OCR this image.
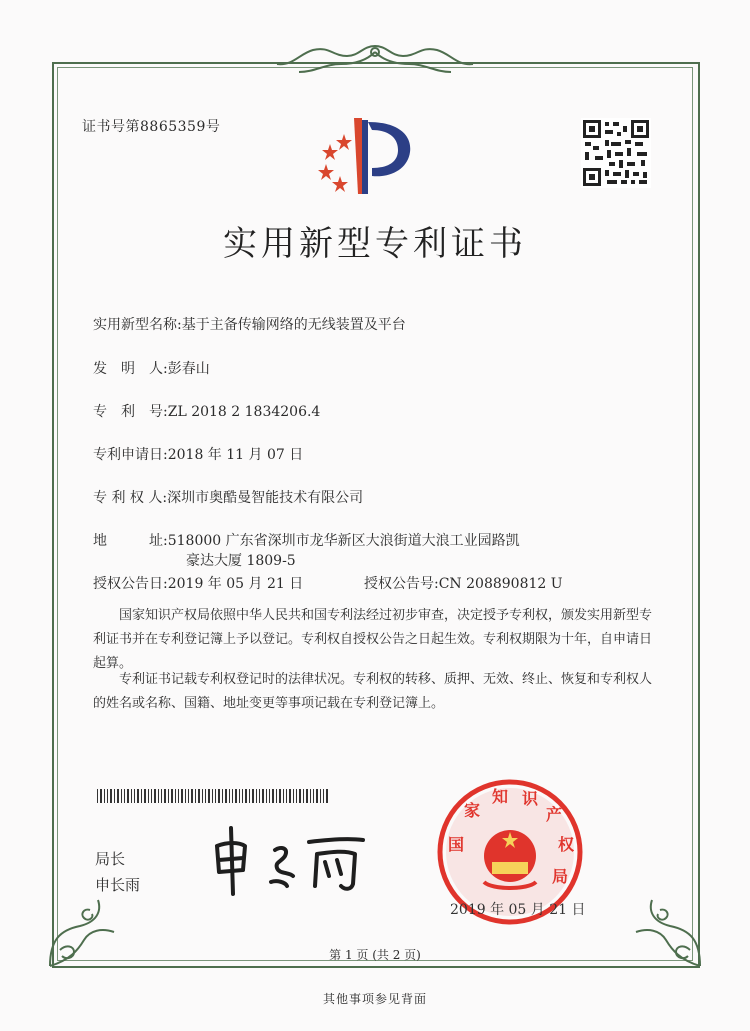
证书号第8865359号
实用新型专利证书
实用新型名称:基于主备传输网络的无线装置及平台
发　明　人:彭春山
专　利　号:ZL 2018 2 1834206.4
专利申请日:2018 年 11 月 07 日
专 利 权 人:深圳市奥酷曼智能技术有限公司
地　　　址:518000 广东省深圳市龙华新区大浪街道大浪工业园路凯
豪达大厦 1809-5
授权公告日:2019 年 05 月 21 日	授权公告号:CN 208890812 U
国家知识产权局依照中华人民共和国专利法经过初步审查，决定授予专利权，颁发实用新型专利证书并在专利登记簿上予以登记。专利权自授权公告之日起生效。专利权期限为十年，自申请日起算。
专利证书记载专利权登记时的法律状况。专利权的转移、质押、无效、终止、恢复和专利权人的姓名或名称、国籍、地址变更等事项记载在专利登记簿上。
局长
申长雨
国
家
知 识
产
权
局
2019 年 05 月 21 日
第 1 页 (共 2 页)
其他事项参见背面
